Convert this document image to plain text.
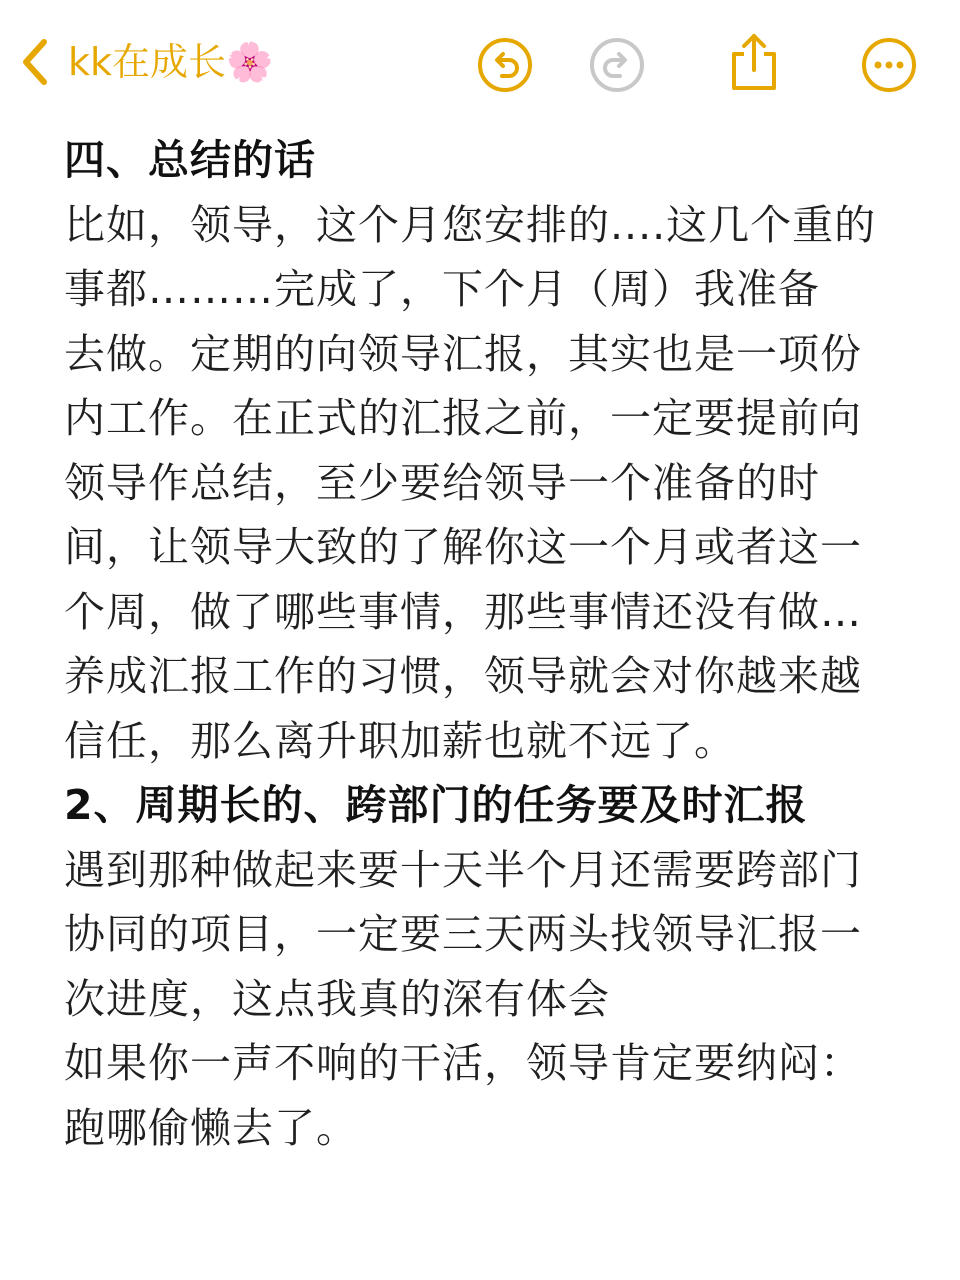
kk在成长🌸
四、总结的话
比如，领导，这个月您安排的....这几个重的
事都………完成了，下个月（周）我准备
去做。定期的向领导汇报，其实也是一项份
内工作。在正式的汇报之前，一定要提前向
领导作总结，至少要给领导一个准备的时
间，让领导大致的了解你这一个月或者这一
个周，做了哪些事情，那些事情还没有做…
养成汇报工作的习惯，领导就会对你越来越
信任，那么离升职加薪也就不远了。
2、周期长的、跨部门的任务要及时汇报
遇到那种做起来要十天半个月还需要跨部门
协同的项目，一定要三天两头找领导汇报一
次进度，这点我真的深有体会
如果你一声不响的干活，领导肯定要纳闷：
跑哪偷懒去了。
